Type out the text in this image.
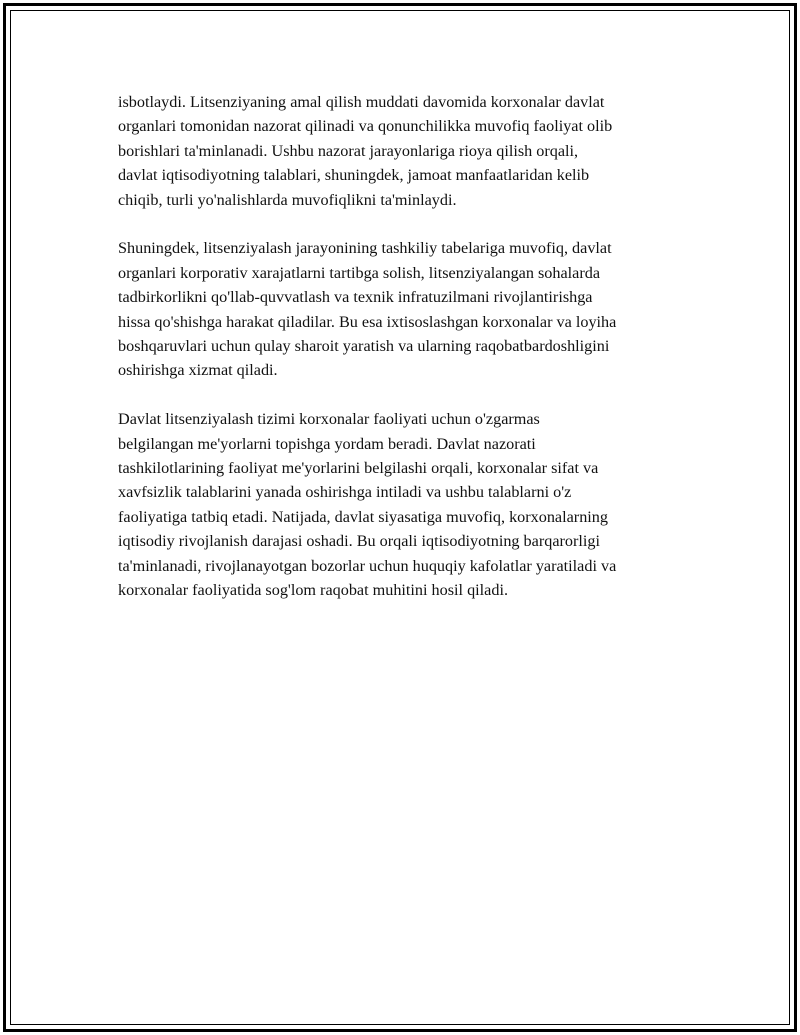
isbotlaydi. Litsenziyaning amal qilish muddati davomida korxonalar davlat
organlari tomonidan nazorat qilinadi va qonunchilikka muvofiq faoliyat olib
borishlari ta'minlanadi. Ushbu nazorat jarayonlariga rioya qilish orqali,
davlat iqtisodiyotning talablari, shuningdek, jamoat manfaatlaridan kelib
chiqib, turli yo'nalishlarda muvofiqlikni ta'minlaydi.

Shuningdek, litsenziyalash jarayonining tashkiliy tabelariga muvofiq, davlat
organlari korporativ xarajatlarni tartibga solish, litsenziyalangan sohalarda
tadbirkorlikni qo'llab-quvvatlash va texnik infratuzilmani rivojlantirishga
hissa qo'shishga harakat qiladilar. Bu esa ixtisoslashgan korxonalar va loyiha
boshqaruvlari uchun qulay sharoit yaratish va ularning raqobatbardoshligini
oshirishga xizmat qiladi.

Davlat litsenziyalash tizimi korxonalar faoliyati uchun o'zgarmas
belgilangan me'yorlarni topishga yordam beradi. Davlat nazorati
tashkilotlarining faoliyat me'yorlarini belgilashi orqali, korxonalar sifat va
xavfsizlik talablarini yanada oshirishga intiladi va ushbu talablarni o'z
faoliyatiga tatbiq etadi. Natijada, davlat siyasatiga muvofiq, korxonalarning
iqtisodiy rivojlanish darajasi oshadi. Bu orqali iqtisodiyotning barqarorligi
ta'minlanadi, rivojlanayotgan bozorlar uchun huquqiy kafolatlar yaratiladi va
korxonalar faoliyatida sog'lom raqobat muhitini hosil qiladi.
